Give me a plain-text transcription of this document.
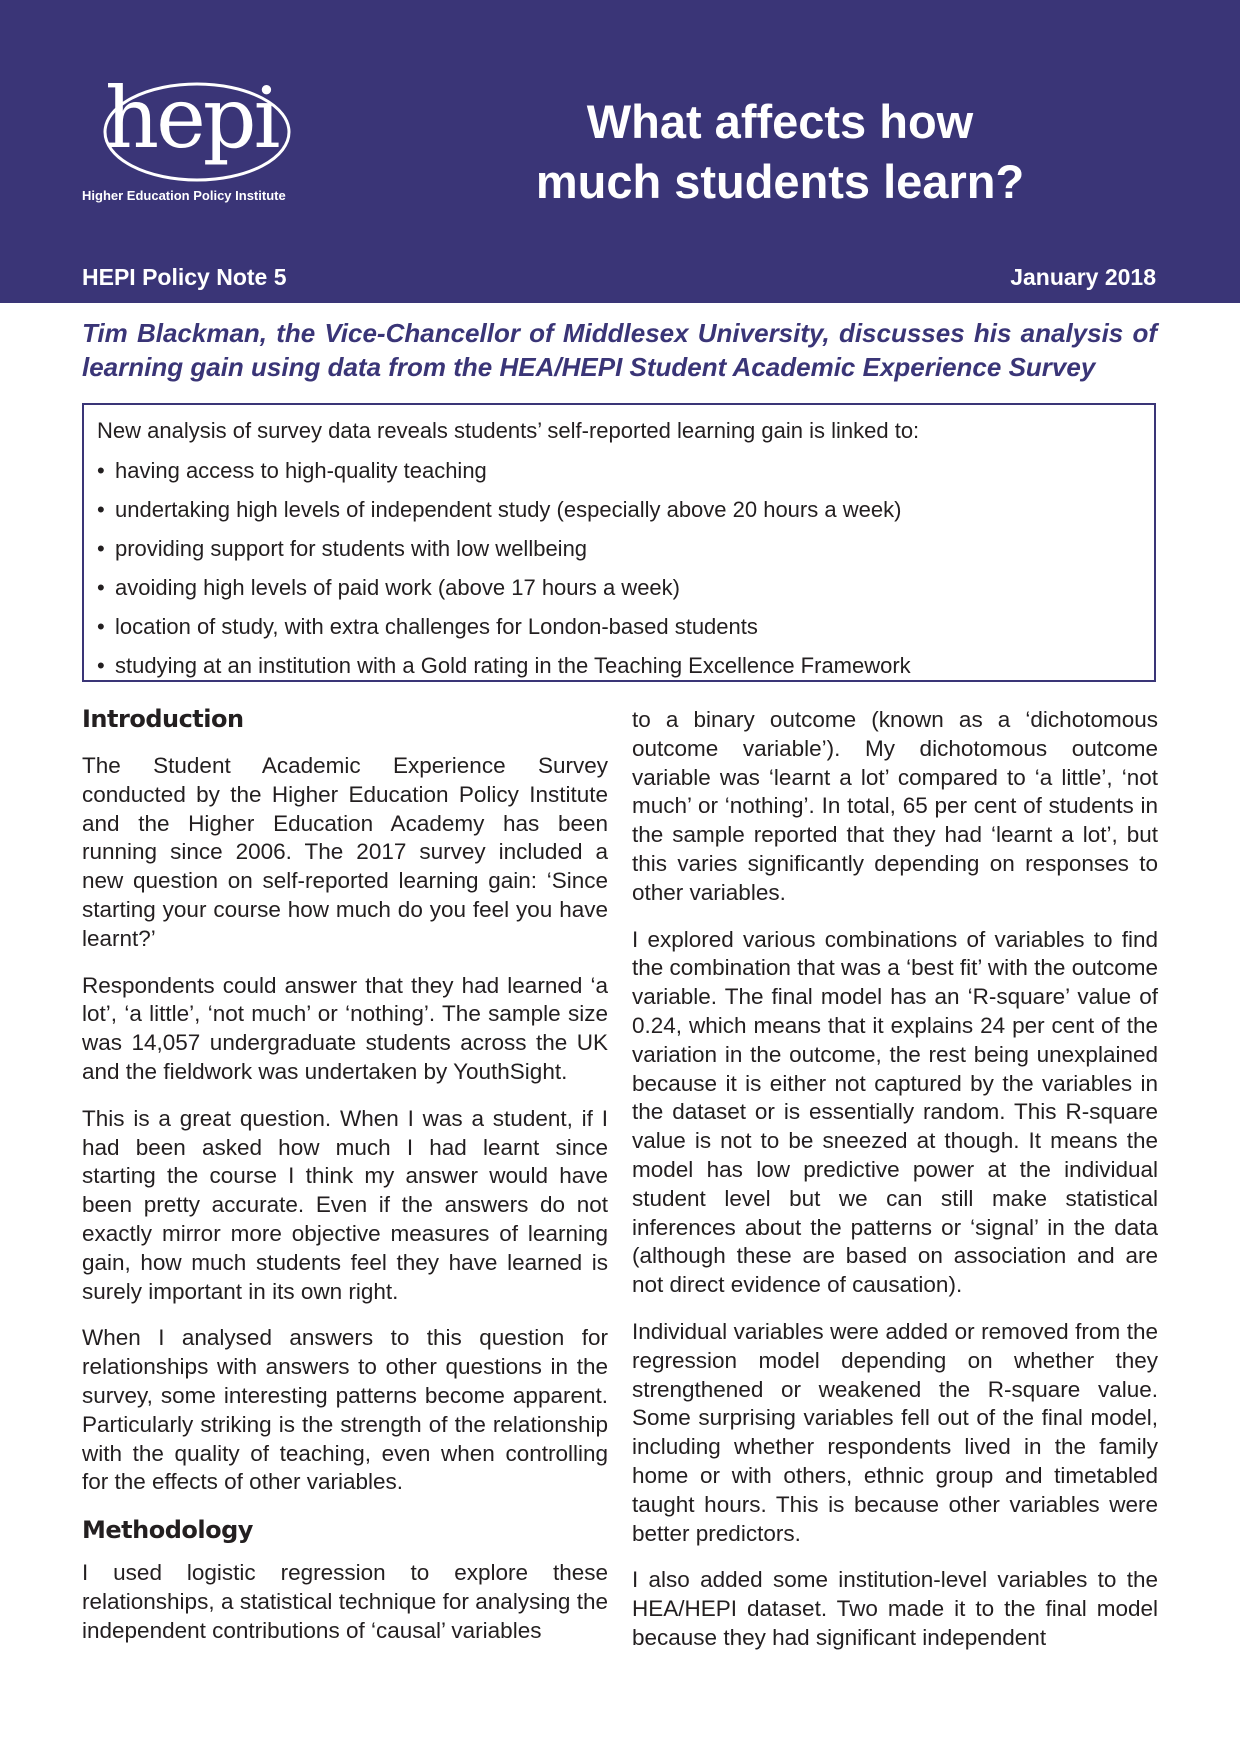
hepi
Higher Education Policy Institute
What affects how
much students learn?
HEPI Policy Note 5	January 2018

Tim Blackman, the Vice-Chancellor of Middlesex University, discusses his analysis of learning gain using data from the HEA/HEPI Student Academic Experience Survey

New analysis of survey data reveals students’ self-reported learning gain is linked to:

• having access to high-quality teaching
• undertaking high levels of independent study (especially above 20 hours a week)
• providing support for students with low wellbeing
• avoiding high levels of paid work (above 17 hours a week)
• location of study, with extra challenges for London-based students
• studying at an institution with a Gold rating in the Teaching Excellence Framework
Introduction

The Student Academic Experience Survey conducted by the Higher Education Policy Institute and the Higher Education Academy has been running since 2006. The 2017 survey included a new question on self-reported learning gain: ‘Since starting your course how much do you feel you have learnt?’

Respondents could answer that they had learned ‘a lot’, ‘a little’, ‘not much’ or ‘nothing’. The sample size was 14,057 undergraduate students across the UK and the fieldwork was undertaken by YouthSight.

This is a great question. When I was a student, if I had been asked how much I had learnt since starting the course I think my answer would have been pretty accurate. Even if the answers do not exactly mirror more objective measures of learning gain, how much students feel they have learned is surely important in its own right.

When I analysed answers to this question for relationships with answers to other questions in the survey, some interesting patterns become apparent. Particularly striking is the strength of the relationship with the quality of teaching, even when controlling for the effects of other variables.

Methodology

I used logistic regression to explore these relationships, a statistical technique for analysing the independent contributions of ‘causal’ variables

to a binary outcome (known as a ‘dichotomous outcome variable’). My dichotomous outcome variable was ‘learnt a lot’ compared to ‘a little’, ‘not much’ or ‘nothing’. In total, 65 per cent of students in the sample reported that they had ‘learnt a lot’, but this varies significantly depending on responses to other variables.

I explored various combinations of variables to find the combination that was a ‘best fit’ with the outcome variable. The final model has an ‘R-square’ value of 0.24, which means that it explains 24 per cent of the variation in the outcome, the rest being unexplained because it is either not captured by the variables in the dataset or is essentially random. This R-square value is not to be sneezed at though. It means the model has low predictive power at the individual student level but we can still make statistical inferences about the patterns or ‘signal’ in the data (although these are based on association and are not direct evidence of causation).

Individual variables were added or removed from the regression model depending on whether they strengthened or weakened the R-square value. Some surprising variables fell out of the final model, including whether respondents lived in the family home or with others, ethnic group and timetabled taught hours. This is because other variables were better predictors.

I also added some institution-level variables to the HEA/HEPI dataset. Two made it to the final model because they had significant independent
